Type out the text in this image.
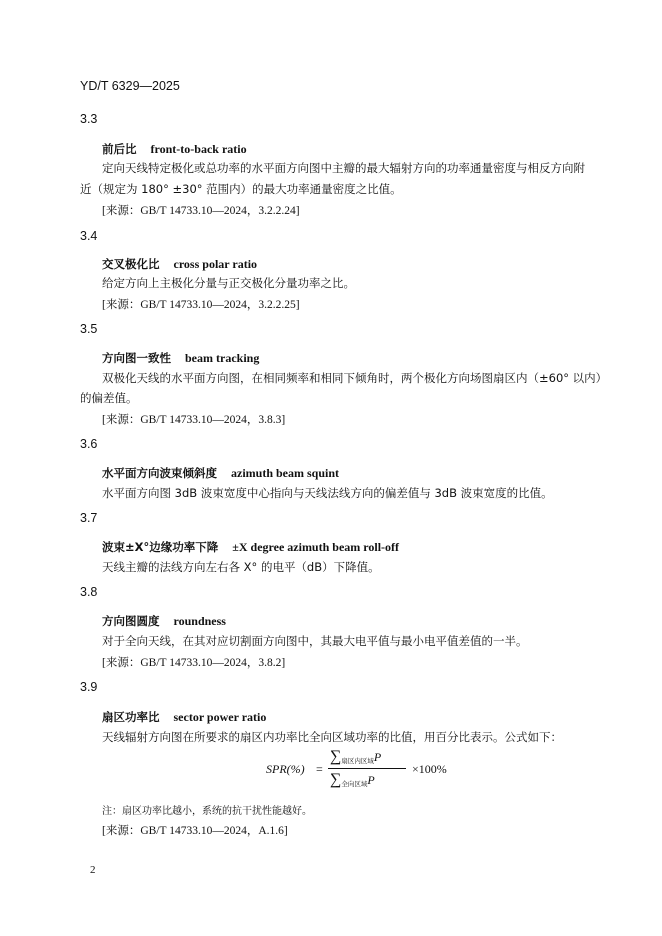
YD/T 6329—2025
3.3
前后比 front-to-back ratio
定向天线特定极化或总功率的水平面方向图中主瓣的最大辐射方向的功率通量密度与相反方向附
近（规定为 180° ±30° 范围内）的最大功率通量密度之比值。
[来源：GB/T 14733.10—2024，3.2.2.24]
3.4
交叉极化比 cross polar ratio
给定方向上主极化分量与正交极化分量功率之比。
[来源：GB/T 14733.10—2024，3.2.2.25]
3.5
方向图一致性 beam tracking
双极化天线的水平面方向图，在相同频率和相同下倾角时，两个极化方向场图扇区内（±60° 以内）
的偏差值。
[来源：GB/T 14733.10—2024，3.8.3]
3.6
水平面方向波束倾斜度 azimuth beam squint
水平面方向图 3dB 波束宽度中心指向与天线法线方向的偏差值与 3dB 波束宽度的比值。
3.7
波束±X°边缘功率下降 ±X degree azimuth beam roll-off
天线主瓣的法线方向左右各 X° 的电平（dB）下降值。
3.8
方向图圆度 roundness
对于全向天线，在其对应切割面方向图中，其最大电平值与最小电平值差值的一半。
[来源：GB/T 14733.10—2024，3.8.2]
3.9
扇区功率比 sector power ratio
天线辐射方向图在所要求的扇区内功率比全向区域功率的比值，用百分比表示。公式如下：
SPR(%) =
$\sum_{扇区内区域}P$
$\sum_{全向区域}P$
×100%
注：扇区功率比越小，系统的抗干扰性能越好。
[来源：GB/T 14733.10—2024，A.1.6]
2
